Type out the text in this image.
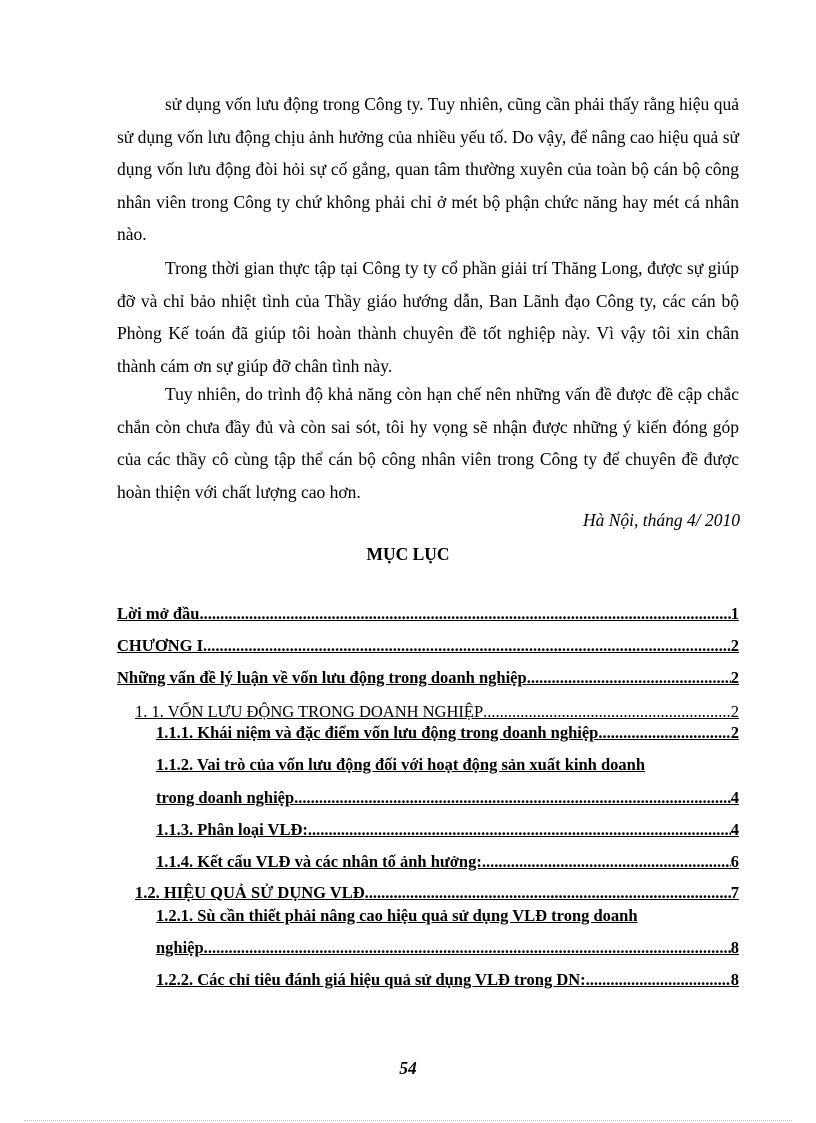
sử dụng vốn lưu động trong Công ty. Tuy nhiên, cũng cần phải thấy rằng hiệu quả sử dụng vốn lưu động chịu ảnh hưởng của nhiều yếu tố. Do vậy, để nâng cao hiệu quả sử dụng vốn lưu động đòi hỏi sự cố gắng, quan tâm thường xuyên của toàn bộ cán bộ công nhân viên trong Công ty chứ không phải chỉ ở mét bộ phận chức năng hay mét cá nhân nào.

Trong thời gian thực tập tại Công ty ty cổ phần giải trí Thăng Long, được sự giúp đỡ và chỉ bảo nhiệt tình của Thầy giáo hướng dẫn, Ban Lãnh đạo Công ty, các cán bộ Phòng Kế toán đã giúp tôi hoàn thành chuyên đề tốt nghiệp này. Vì vậy tôi xin chân thành cám ơn sự giúp đỡ chân tình này.

Tuy nhiên, do trình độ khả năng còn hạn chế nên những vấn đề được đề cập chắc chắn còn chưa đầy đủ và còn sai sót, tôi hy vọng sẽ nhận được những ý kiến đóng góp của các thầy cô cùng tập thể cán bộ công nhân viên trong Công ty để chuyên đề được hoàn thiện với chất lượng cao hơn.

Hà Nội, tháng 4/ 2010
MỤC LỤC
Lời mở đầu .....	1
CHƯƠNG I .....	2
Những vấn đề lý luận về vốn lưu động trong doanh nghiệp .....	2
1. 1. VỐN LƯU ĐỘNG TRONG DOANH NGHIỆP .....	2
1.1.1. Khái niệm và đặc điểm vốn lưu động trong doanh nghiệp. .....	2
1.1.2. Vai trò của vốn lưu động đối với hoạt động sản xuất kinh doanh
trong doanh nghiệp. .....	4
1.1.3. Phân loại VLĐ: .....	4
1.1.4. Kết cấu VLĐ và các nhân tố ảnh hưởng: .....	6
1.2. HIỆU QUẢ SỬ DỤNG VLĐ .....	7
1.2.1. Sù cần thiết phải nâng cao hiệu quả sử dụng VLĐ trong doanh
nghiệp. .....	8
1.2.2. Các chỉ tiêu đánh giá hiệu quả sử dụng VLĐ trong DN: .....	8
54
